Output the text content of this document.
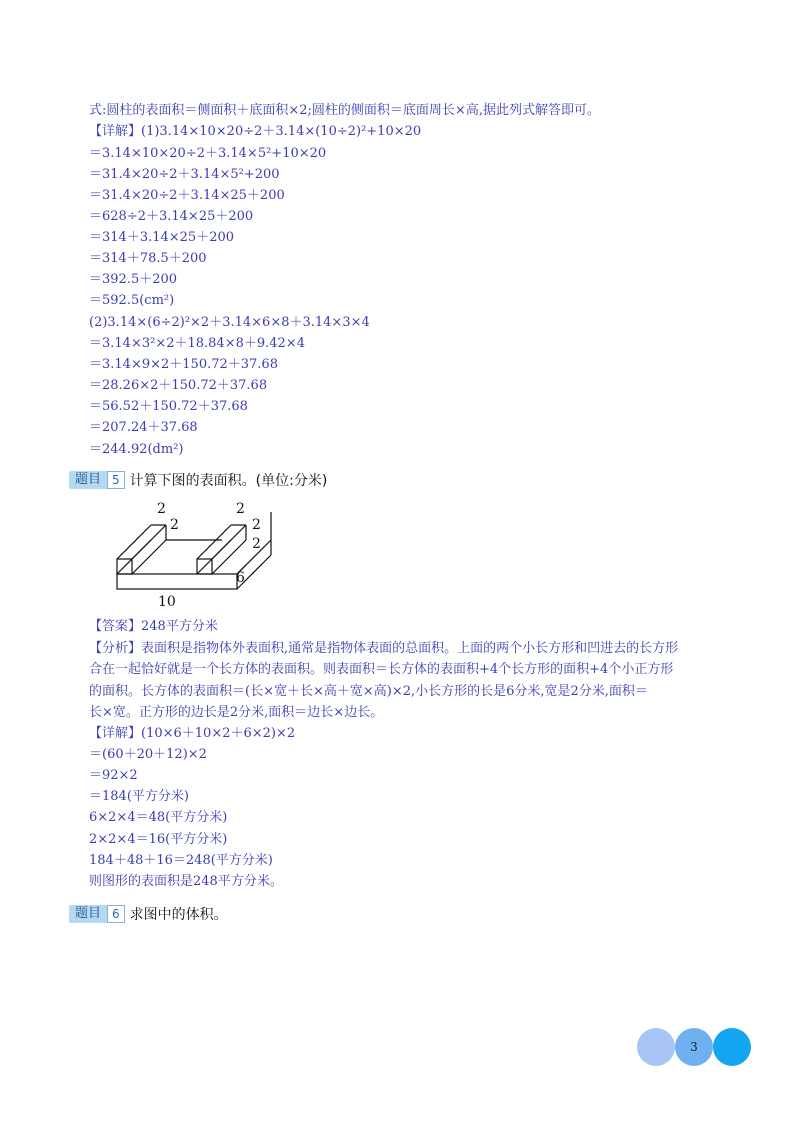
式:圆柱的表面积＝侧面积＋底面积×2;圆柱的侧面积＝底面周长×高,据此列式解答即可。
【详解】(1)3.14×10×20÷2＋3.14×(10÷2)²+10×20
＝3.14×10×20÷2＋3.14×5²+10×20
＝31.4×20÷2＋3.14×5²+200
＝31.4×20÷2＋3.14×25＋200
＝628÷2＋3.14×25＋200
＝314＋3.14×25＋200
＝314＋78.5＋200
＝392.5＋200
＝592.5(cm²)
(2)3.14×(6÷2)²×2＋3.14×6×8＋3.14×3×4
＝3.14×3²×2＋18.84×8＋9.42×4
＝3.14×9×2＋150.72＋37.68
＝28.26×2＋150.72＋37.68
＝56.52＋150.72＋37.68
＝207.24＋37.68
＝244.92(dm²)
题目 5 计算下图的表面积。(单位:分米)
2
2
2
2
2
6
10
【答案】248平方分米
【分析】表面积是指物体外表面积,通常是指物体表面的总面积。上面的两个小长方形和凹进去的长方形
合在一起恰好就是一个长方体的表面积。则表面积＝长方体的表面积+4个长方形的面积+4个小正方形
的面积。长方体的表面积＝(长×宽＋长×高＋宽×高)×2,小长方形的长是6分米,宽是2分米,面积＝
长×宽。正方形的边长是2分米,面积＝边长×边长。
【详解】(10×6＋10×2＋6×2)×2
＝(60＋20＋12)×2
＝92×2
＝184(平方分米)
6×2×4＝48(平方分米)
2×2×4＝16(平方分米)
184＋48＋16＝248(平方分米)
则图形的表面积是248平方分米。
题目 6 求图中的体积。
3
